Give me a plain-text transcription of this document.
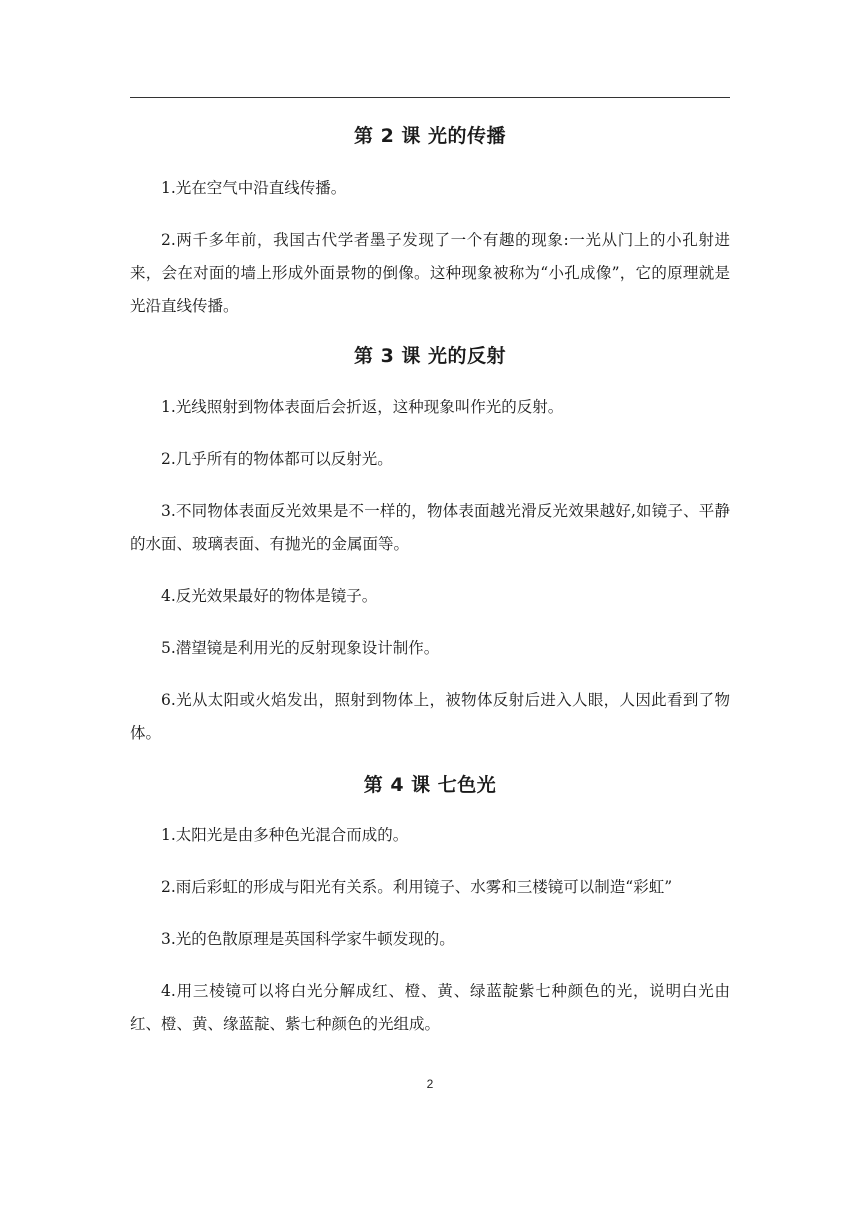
第 2 课 光的传播

1.光在空气中沿直线传播。

2.两千多年前，我国古代学者墨子发现了一个有趣的现象:一光从门上的小孔射进来，会在对面的墙上形成外面景物的倒像。这种现象被称为“小孔成像”，它的原理就是光沿直线传播。

第 3 课 光的反射

1.光线照射到物体表面后会折返，这种现象叫作光的反射。

2.几乎所有的物体都可以反射光。

3.不同物体表面反光效果是不一样的，物体表面越光滑反光效果越好,如镜子、平静的水面、玻璃表面、有抛光的金属面等。

4.反光效果最好的物体是镜子。

5.潜望镜是利用光的反射现象设计制作。

6.光从太阳或火焰发出，照射到物体上，被物体反射后进入人眼，人因此看到了物体。

第 4 课 七色光

1.太阳光是由多种色光混合而成的。

2.雨后彩虹的形成与阳光有关系。利用镜子、水雾和三楼镜可以制造“彩虹”

3.光的色散原理是英国科学家牛顿发现的。

4.用三棱镜可以将白光分解成红、橙、黄、绿蓝靛紫七种颜色的光，说明白光由红、橙、黄、缘蓝靛、紫七种颜色的光组成。

2
